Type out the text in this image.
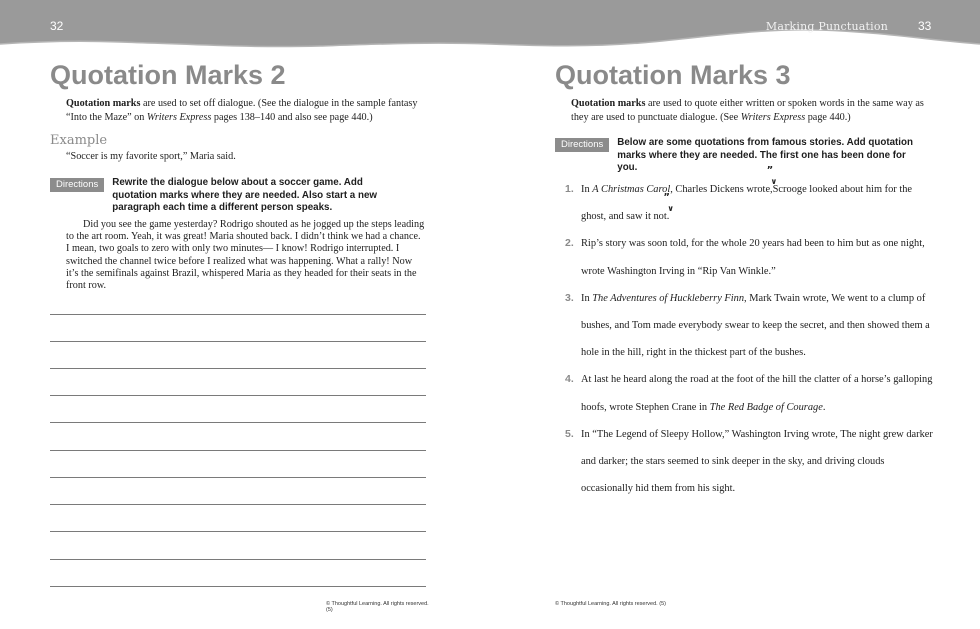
32	Marking Punctuation	33
Quotation Marks 2

Quotation marks are used to set off dialogue. (See the dialogue in the sample fantasy “Into the Maze” on Writers Express pages 138–140 and also see page 440.)

Example
“Soccer is my favorite sport,” Maria said.
Directions	Rewrite the dialogue below about a soccer game. Add quotation marks where they are needed. Also start a new paragraph each time a different person speaks.

Did you see the game yesterday? Rodrigo shouted as he jogged up the steps leading to the art room. Yeah, it was great! Maria shouted back. I didn’t think we had a chance. I mean, two goals to zero with only two minutes— I know! Rodrigo interrupted. I switched the channel twice before I realized what was happening. What a rally! Now it’s the semifinals against Brazil, whispered Maria as they headed for their seats in the front row.

© Thoughtful Learning. All rights reserved. (5)
Quotation Marks 3

Quotation marks are used to quote either written or spoken words in the same way as they are used to punctuate dialogue. (See Writers Express page 440.)

Directions	Below are some quotations from famous stories. Add quotation marks where they are needed. The first one has been done for you.
1. In A Christmas Carol, Charles Dickens wrote,
”
∨
Scrooge looked about him for the ghost, and saw it not.
”
∨
2. Rip’s story was soon told, for the whole 20 years had been to him but as one night, wrote Washington Irving in “Rip Van Winkle.”
3. In The Adventures of Huckleberry Finn, Mark Twain wrote, We went to a clump of bushes, and Tom made everybody swear to keep the secret, and then showed them a hole in the hill, right in the thickest part of the bushes.
4. At last he heard along the road at the foot of the hill the clatter of a horse’s galloping hoofs, wrote Stephen Crane in The Red Badge of Courage.
5. In “The Legend of Sleepy Hollow,” Washington Irving wrote, The night grew darker and darker; the stars seemed to sink deeper in the sky, and driving clouds occasionally hid them from his sight.
© Thoughtful Learning. All rights reserved. (5)
